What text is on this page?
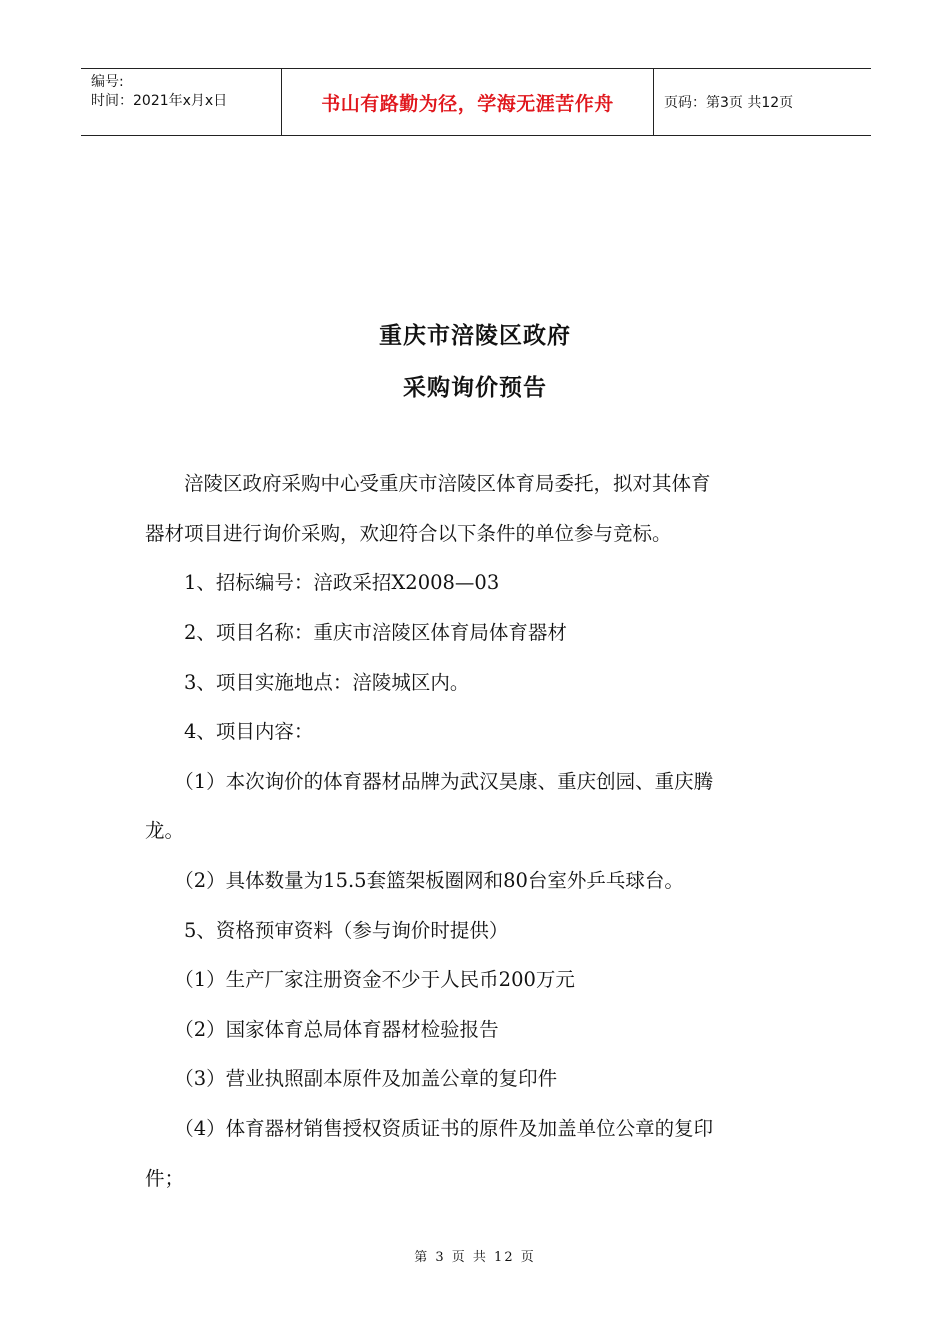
编号:
时间：2021年x月x日	书山有路勤为径，学海无涯苦作舟	页码：第3页 共12页
重庆市涪陵区政府
采购询价预告
　　涪陵区政府采购中心受重庆市涪陵区体育局委托，拟对其体育
器材项目进行询价采购，欢迎符合以下条件的单位参与竞标。
　　1、招标编号：涪政采招X2008—03
　　2、项目名称：重庆市涪陵区体育局体育器材
　　3、项目实施地点：涪陵城区内。
　　4、项目内容：
　　（1）本次询价的体育器材品牌为武汉昊康、重庆创园、重庆腾
龙。
　　（2）具体数量为15.5套篮架板圈网和80台室外乒乓球台。
　　5、资格预审资料（参与询价时提供）
　　（1）生产厂家注册资金不少于人民币200万元
　　（2）国家体育总局体育器材检验报告
　　（3）营业执照副本原件及加盖公章的复印件
　　（4）体育器材销售授权资质证书的原件及加盖单位公章的复印
件；
第 3 页 共 12 页
